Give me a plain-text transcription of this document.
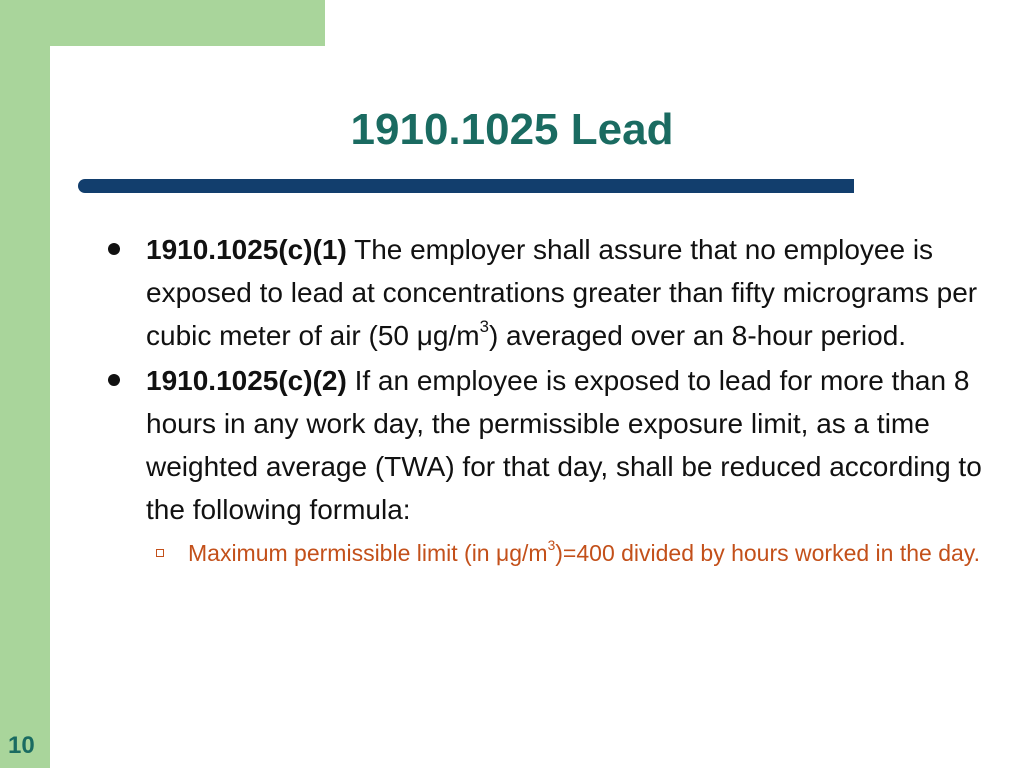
1910.1025 Lead
1910.1025(c)(1) The employer shall assure that no employee is exposed to lead at concentrations greater than fifty micrograms per cubic meter of air (50 $\mu g/m^3$) averaged over an 8-hour period.
1910.1025(c)(2) If an employee is exposed to lead for more than 8 hours in any work day, the permissible exposure limit, as a time weighted average (TWA) for that day, shall be reduced according to the following formula:
Maximum permissible limit (in $\mu g/m^3)=400$ divided by hours worked in the day.
10
